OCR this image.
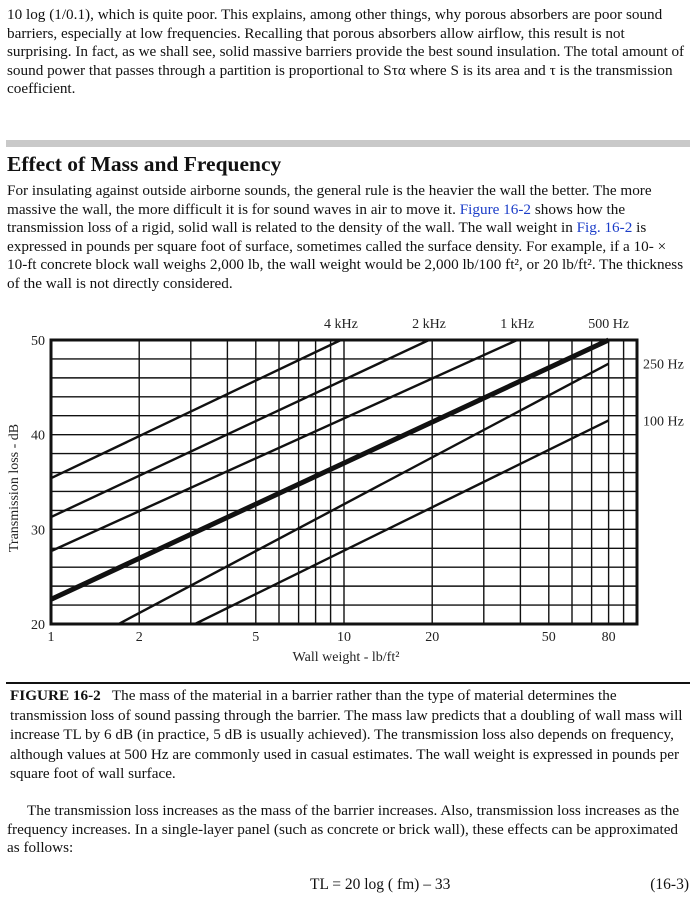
10 log (1/0.1), which is quite poor. This explains, among other things, why porous absorbers are poor sound barriers, especially at low frequencies. Recalling that porous absorbers allow airflow, this result is not surprising. In fact, as we shall see, solid massive barriers provide the best sound insulation. The total amount of sound power that passes through a partition is proportional to Sτα where S is its area and τ is the transmission coefficient.

Effect of Mass and Frequency

For insulating against outside airborne sounds, the general rule is the heavier the wall the better. The more massive the wall, the more difficult it is for sound waves in air to move it. Figure 16-2 shows how the transmission loss of a rigid, solid wall is related to the density of the wall. The wall weight in Fig. 16-2 is expressed in pounds per square foot of surface, sometimes called the surface density. For example, if a 10- × 10-ft concrete block wall weighs 2,000 lb, the wall weight would be 2,000 lb/100 ft², or 20 lb/ft². The thickness of the wall is not directly considered.

4 kHz	2 kHz	1 kHz	500 Hz
250 Hz
100 Hz
20
30
40
50
1	2	5	10	20	50	80
Wall weight - lb/ft²
Transmission loss - dB

FIGURE 16-2 The mass of the material in a barrier rather than the type of material determines the transmission loss of sound passing through the barrier. The mass law predicts that a doubling of wall mass will increase TL by 6 dB (in practice, 5 dB is usually achieved). The transmission loss also depends on frequency, although values at 500 Hz are commonly used in casual estimates. The wall weight is expressed in pounds per square foot of wall surface.

The transmission loss increases as the mass of the barrier increases. Also, transmission loss increases as the frequency increases. In a single-layer panel (such as concrete or brick wall), these effects can be approximated as follows:

TL = 20 log ( fm) – 33	(16-3)
